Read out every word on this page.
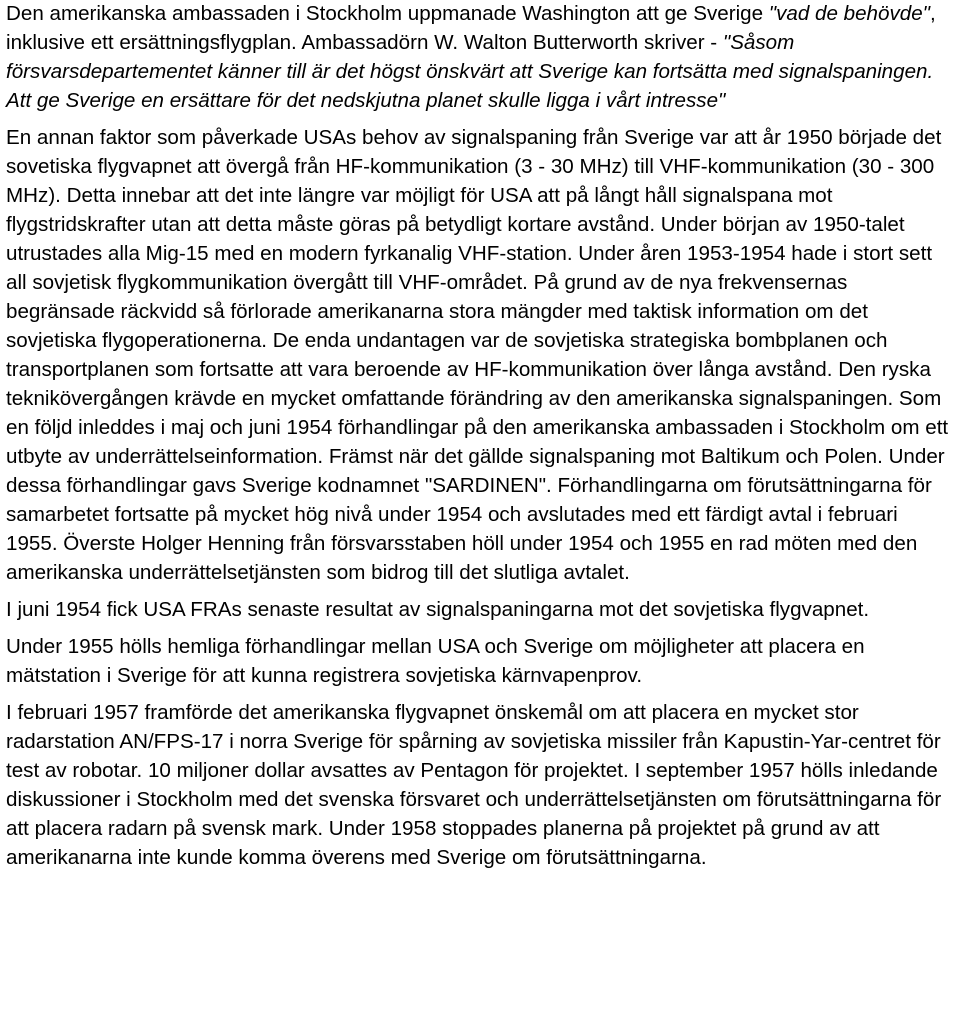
Den amerikanska ambassaden i Stockholm uppmanade Washington att ge Sverige "vad de behövde", inklusive ett ersättningsflygplan. Ambassadörn W. Walton Butterworth skriver - "Såsom försvarsdepartementet känner till är det högst önskvärt att Sverige kan fortsätta med signalspaningen. Att ge Sverige en ersättare för det nedskjutna planet skulle ligga i vårt intresse"

En annan faktor som påverkade USAs behov av signalspaning från Sverige var att år 1950 började det sovetiska flygvapnet att övergå från HF-kommunikation (3 - 30 MHz) till VHF-kommunikation (30 - 300 MHz). Detta innebar att det inte längre var möjligt för USA att på långt håll signalspana mot flygstridskrafter utan att detta måste göras på betydligt kortare avstånd. Under början av 1950-talet utrustades alla Mig-15 med en modern fyrkanalig VHF-station. Under åren 1953-1954 hade i stort sett all sovjetisk flygkommunikation övergått till VHF-området. På grund av de nya frekvensernas begränsade räckvidd så förlorade amerikanarna stora mängder med taktisk information om det sovjetiska flygoperationerna. De enda undantagen var de sovjetiska strategiska bombplanen och transportplanen som fortsatte att vara beroende av HF-kommunikation över långa avstånd. Den ryska teknikövergången krävde en mycket omfattande förändring av den amerikanska signalspaningen. Som en följd inleddes i maj och juni 1954 förhandlingar på den amerikanska ambassaden i Stockholm om ett utbyte av underrättelseinformation. Främst när det gällde signalspaning mot Baltikum och Polen. Under dessa förhandlingar gavs Sverige kodnamnet "SARDINEN". Förhandlingarna om förutsättningarna för samarbetet fortsatte på mycket hög nivå under 1954 och avslutades med ett färdigt avtal i februari 1955. Överste Holger Henning från försvarsstaben höll under 1954 och 1955 en rad möten med den amerikanska underrättelsetjänsten som bidrog till det slutliga avtalet.

I juni 1954 fick USA FRAs senaste resultat av signalspaningarna mot det sovjetiska flygvapnet.

Under 1955 hölls hemliga förhandlingar mellan USA och Sverige om möjligheter att placera en mätstation i Sverige för att kunna registrera sovjetiska kärnvapenprov.

I februari 1957 framförde det amerikanska flygvapnet önskemål om att placera en mycket stor radarstation AN/FPS-17 i norra Sverige för spårning av sovjetiska missiler från Kapustin-Yar-centret för test av robotar. 10 miljoner dollar avsattes av Pentagon för projektet. I september 1957 hölls inledande diskussioner i Stockholm med det svenska försvaret och underrättelsetjänsten om förutsättningarna för att placera radarn på svensk mark. Under 1958 stoppades planerna på projektet på grund av att amerikanarna inte kunde komma överens med Sverige om förutsättningarna.
